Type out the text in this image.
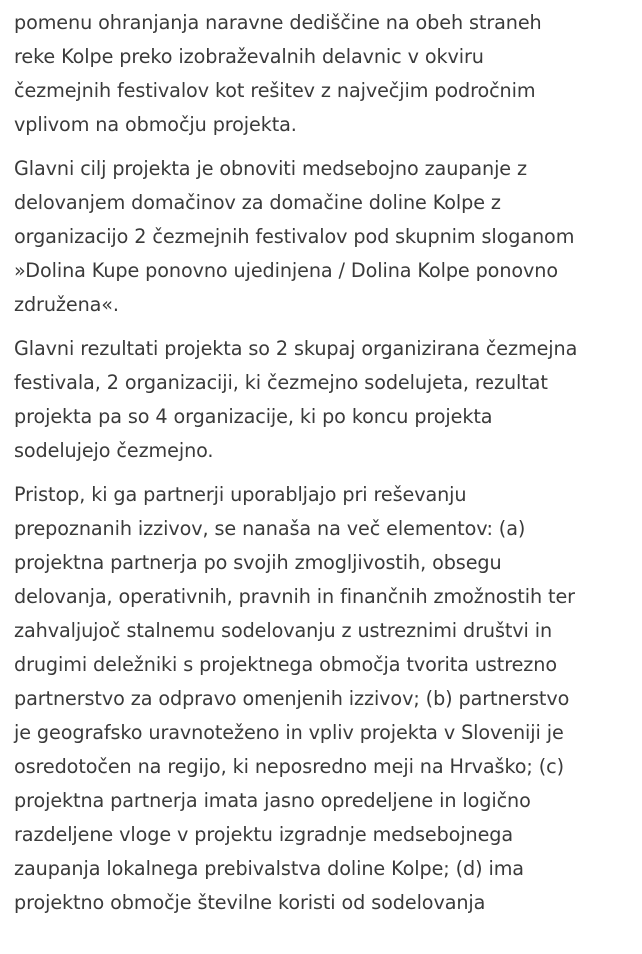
pomenu ohranjanja naravne dediščine na obeh straneh
reke Kolpe preko izobraževalnih delavnic v okviru
čezmejnih festivalov kot rešitev z največjim področnim
vplivom na območju projekta.

Glavni cilj projekta je obnoviti medsebojno zaupanje z
delovanjem domačinov za domačine doline Kolpe z
organizacijo 2 čezmejnih festivalov pod skupnim sloganom
»Dolina Kupe ponovno ujedinjena / Dolina Kolpe ponovno
združena«.

Glavni rezultati projekta so 2 skupaj organizirana čezmejna
festivala, 2 organizaciji, ki čezmejno sodelujeta, rezultat
projekta pa so 4 organizacije, ki po koncu projekta
sodelujejo čezmejno.

Pristop, ki ga partnerji uporabljajo pri reševanju
prepoznanih izzivov, se nanaša na več elementov: (a)
projektna partnerja po svojih zmogljivostih, obsegu
delovanja, operativnih, pravnih in finančnih zmožnostih ter
zahvaljujoč stalnemu sodelovanju z ustreznimi društvi in
drugimi deležniki s projektnega območja tvorita ustrezno
partnerstvo za odpravo omenjenih izzivov; (b) partnerstvo
je geografsko uravnoteženo in vpliv projekta v Sloveniji je
osredotočen na regijo, ki neposredno meji na Hrvaško; (c)
projektna partnerja imata jasno opredeljene in logično
razdeljene vloge v projektu izgradnje medsebojnega
zaupanja lokalnega prebivalstva doline Kolpe; (d) ima
projektno območje številne koristi od sodelovanja
